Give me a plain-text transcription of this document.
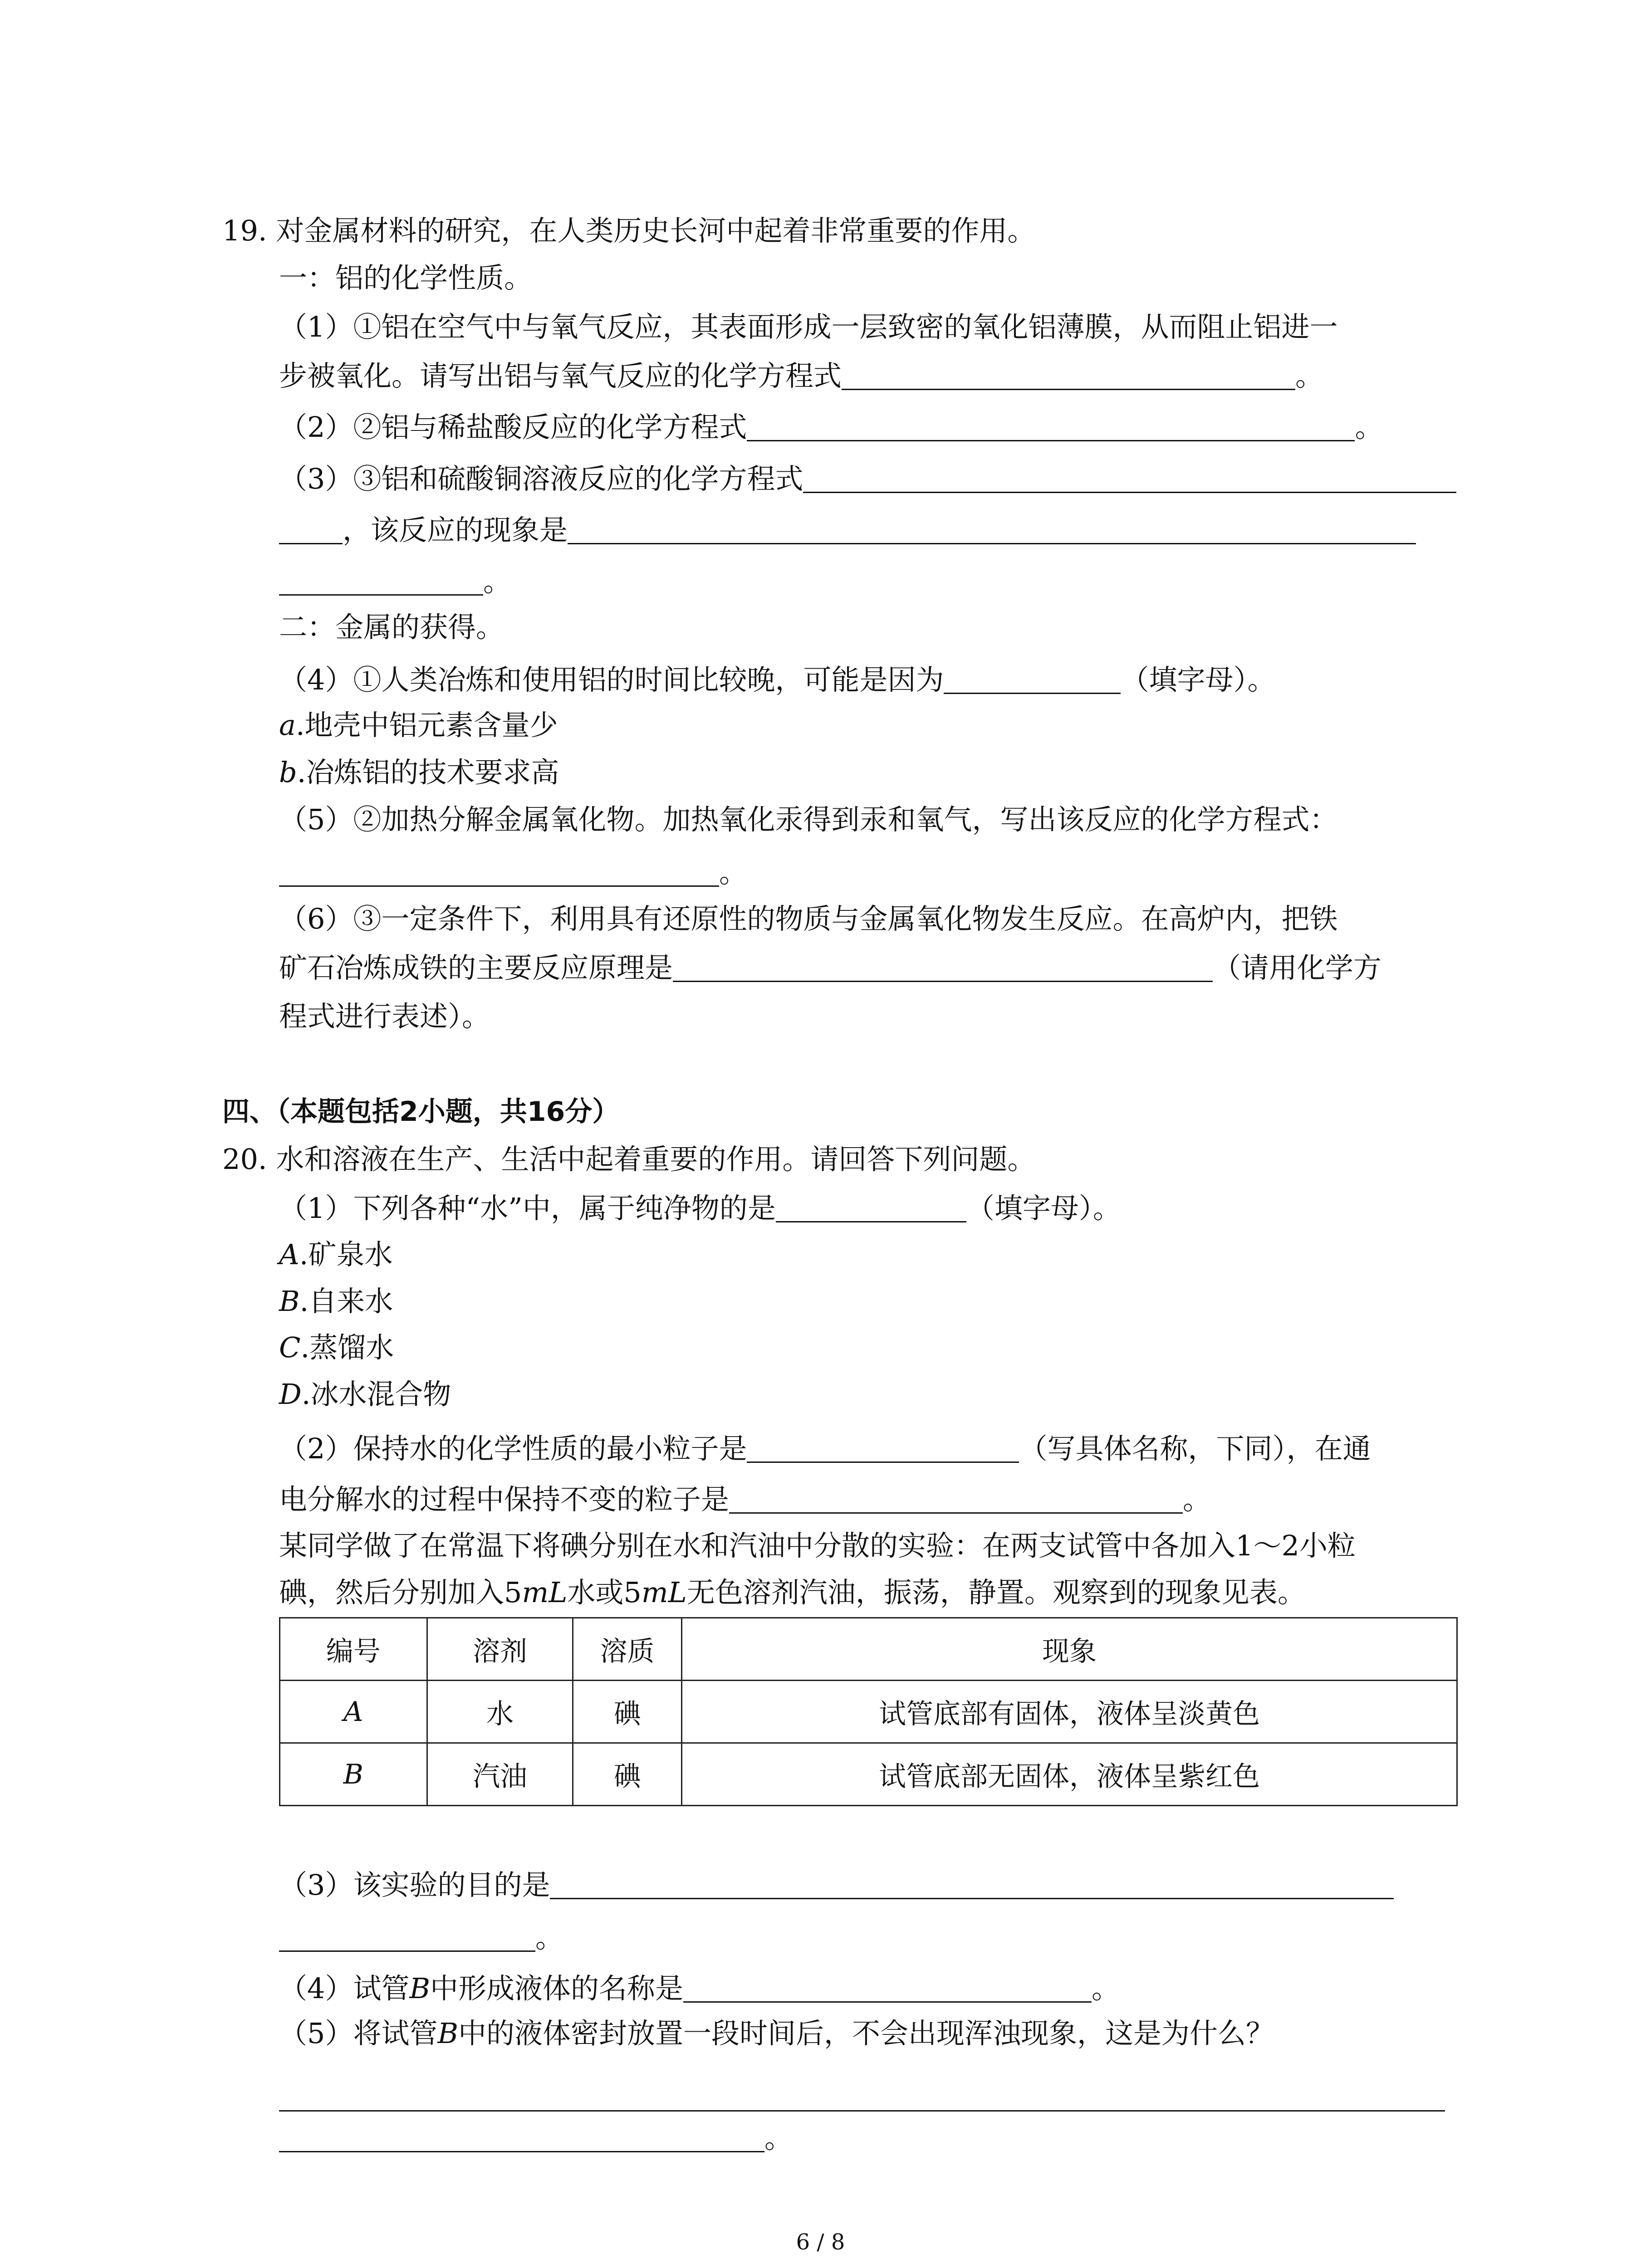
19. 对金属材料的研究，在人类历史长河中起着非常重要的作用。
一：铝的化学性质。
（1）①铝在空气中与氧气反应，其表面形成一层致密的氧化铝薄膜，从而阻止铝进一
步被氧化。请写出铝与氧气反应的化学方程式	。
（2）②铝与稀盐酸反应的化学方程式	。
（3）③铝和硫酸铜溶液反应的化学方程式
，该反应的现象是
。
二：金属的获得。
（4）①人类冶炼和使用铝的时间比较晚，可能是因为	（填字母）。
a.地壳中铝元素含量少
b.冶炼铝的技术要求高
（5）②加热分解金属氧化物。加热氧化汞得到汞和氧气，写出该反应的化学方程式：
。
（6）③一定条件下，利用具有还原性的物质与金属氧化物发生反应。在高炉内，把铁
矿石冶炼成铁的主要反应原理是	（请用化学方
程式进行表述）。
四、（本题包括2小题，共16分）
20. 水和溶液在生产、生活中起着重要的作用。请回答下列问题。
（1）下列各种“水”中，属于纯净物的是	（填字母）。
A.矿泉水
B.自来水
C.蒸馏水
D.冰水混合物
（2）保持水的化学性质的最小粒子是	（写具体名称，下同），在通
电分解水的过程中保持不变的粒子是	。
某同学做了在常温下将碘分别在水和汽油中分散的实验：在两支试管中各加入1～2小粒
碘，然后分别加入5mL水或5mL无色溶剂汽油，振荡，静置。观察到的现象见表。
编号	溶剂	溶质	现象
A	水	碘	试管底部有固体，液体呈淡黄色
B	汽油	碘	试管底部无固体，液体呈紫红色
（3）该实验的目的是
。
（4）试管B中形成液体的名称是	。
（5）将试管B中的液体密封放置一段时间后，不会出现浑浊现象，这是为什么？
。
6 / 8
